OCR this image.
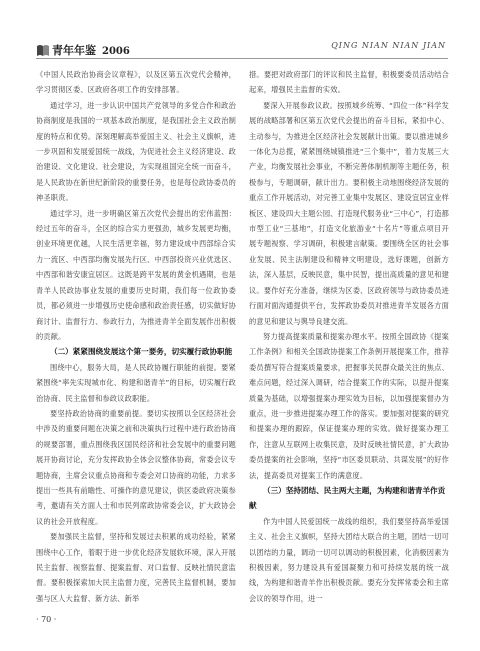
青年年鉴 2006
QING NIAN NIAN JIAN
《中国人民政治协商会议章程》，以及区第五次党代会精神，学习贯彻区委、区政府各项工作的安排部署。
通过学习，进一步认识中国共产党领导的多党合作和政治协商制度是我国的一项基本政治制度，是我国社会主义政治制度的特点和优势。深刻理解高举爱国主义、社会主义旗帜，进一步巩固和发展爱国统一战线，为促进社会主义经济建设、政治建设、文化建设、社会建设，为实现祖国完全统一而奋斗，是人民政协在新世纪新阶段的重要任务，也是每位政协委员的神圣职责。
通过学习，进一步明确区第五次党代会提出的宏伟蓝图：经过五年的奋斗，全区的综合实力更强劲，城乡发展更均衡，创业环境更优越，人民生活更幸福，努力建设成中西部综合实力一流区、中西部均衡发展先行区、中西部投资兴业优选区、中西部和谐安康宜居区。这既是跨平发展的黄金机遇期，也是青羊人民政协事业发展的重要历史时期，我们每一位政协委员，都必须进一步增强历史使命感和政治责任感，切实做好协商讨计、监督行力、参政行力，为推进青羊全面发展作出积极的贡献。
（二）紧紧围绕发展这个第一要务，切实履行政协职能
围绕中心，服务大局，是人民政协履行职能的前提。要紧紧围绕“率先实现城市化、构建和谐青羊”的目标，切实履行政治协商、民主监督和参政议政职能。
要坚持政治协商的重要前提。要切实按照以全区经济社会中涉及的重要问题在决策之前和决策执行过程中进行政治协商的规要部署，重点围绕我区国民经济和社会发展中的重要问题展开协商讨论，充分发挥政协全体会议整体协商，常委会议专题协商，主席会议重点协商和专委会对口协商的功能，力求多提出一些具有前瞻性、可操作的意见建议，供区委政府决策参考，邀请有关方面人士和市民列席政协常委会议，扩大政协会议的社会开放程度。
要加强民主监督，坚持和发展过去积累的成功经验，紧紧围绕中心工作，着眼于进一步优化经济发展软环境，深入开展民主监督、视察监督、提案监督、对口监督、反映社情民意监督。要积极探索加大民主监督力度，完善民主监督机制，要加强与区人大监督、新方法、新举
措。要把对政府部门的评议和民主监督，积极要委员活动结合起来，增强民主监督的实效。
要深入开展参政议政。按照城乡统筹、“四位一体”科学发展的战略部署和区第五次党代会提出的奋斗目标，紧扣中心、主动参与，为推进全区经济社会发展献计出策。要以推进城乡一体化为总揽，紧紧围绕城镇推进“三个集中”，着力发展三大产业，均衡发展社会事业，不断完善体制机制等主题任务，积极参与，专题调研，献计出力。要积极主动地围绕经济发展的重点工作开展活动，对完善工业集中发展区、建设宜居宜业样板区、建设四大主题公园、打造现代服务业“三中心”，打造都市型工业“三基地”，打造文化旅游业“十名片”等重点项目开展专题视察、学习调研，积极建言献策。要围绕全区的社会事业发展、民主法制建设和精神文明建设，选好课题，创新方法，深入基层，反映民意，集中民智，提出高质量的意见和建议。要作好充分准备，继续为区委、区政府领导与政协委员进行面对面沟通提供平台，发挥政协委员对推进青羊发展各方面的意见和建议与舆导良建交流。
努力提高提案质量和提案办理水平。按照全国政协《提案工作条例》和相关全国政协提案工作条例开展提案工作，推荐委员撰写符合提案质量要求，把握事关民群众最关注的焦点、难点问题，经过深入调研，结合提案工作的实际，以提升提案质量为基础，以增强提案办理实效为目标，以加强提案督办为重点，进一步推进提案办理工作的落实。要加强对提案的研究和提案办理的跟踪，保证提案办理的实效。做好提案办理工作，注意从互联网上收集民意，及时反映社情民意，扩大政协委员提案的社会影响，坚持“市区委员联动、共谋发展”的好作法，提高委员对提案工作的满意度。
（三）坚持团结、民主两大主题，为构建和谐青羊作贡献
作为中国人民爱国统一战线的组织，我们要坚持高举爱国主义、社会主义旗帜，坚持大团结大联合的主题，团结一切可以团结的力量，调动一切可以调动的积极因素，化消极因素为积极因素，努力建设具有爱国凝聚力和可持续发展的统一战线，为构建和谐青羊作出积极贡献。要充分发挥常委会和主席会议的领导作用，进一
· 70 ·
